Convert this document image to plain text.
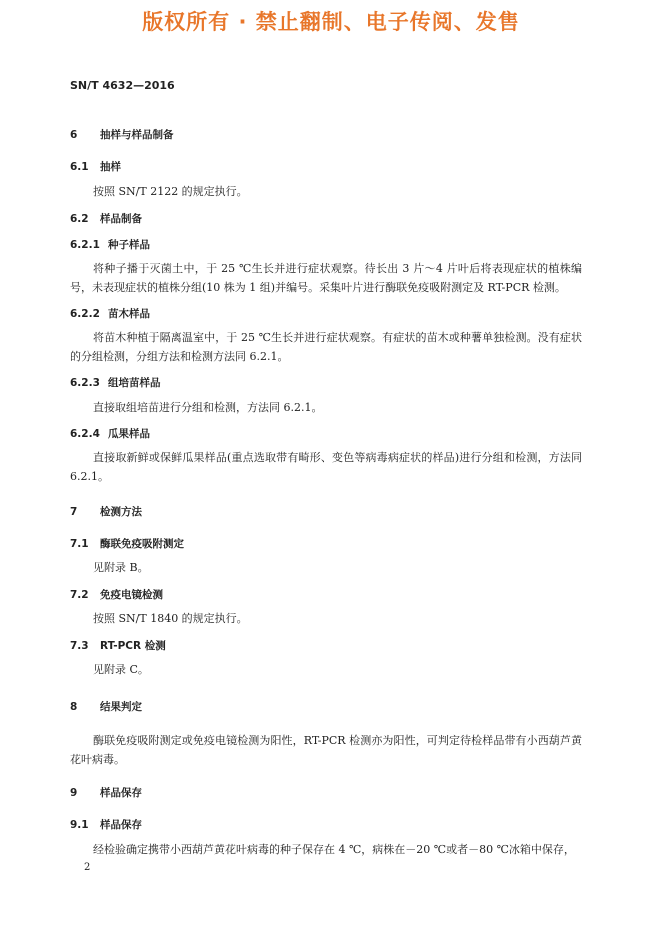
版权所有 · 禁止翻制、电子传阅、发售
SN/T 4632—2016
6 抽样与样品制备
6.1 抽样
按照 SN/T 2122 的规定执行。
6.2 样品制备
6.2.1 种子样品
将种子播于灭菌土中，于 25 ℃生长并进行症状观察。待长出 3 片～4 片叶后将表现症状的植株编号，未表现症状的植株分组(10 株为 1 组)并编号。采集叶片进行酶联免疫吸附测定及 RT-PCR 检测。
6.2.2 苗木样品
将苗木种植于隔离温室中，于 25 ℃生长并进行症状观察。有症状的苗木或种薯单独检测。没有症状的分组检测，分组方法和检测方法同 6.2.1。
6.2.3 组培苗样品
直接取组培苗进行分组和检测，方法同 6.2.1。
6.2.4 瓜果样品
直接取新鲜或保鲜瓜果样品(重点选取带有畸形、变色等病毒病症状的样品)进行分组和检测，方法同 6.2.1。
7 检测方法
7.1 酶联免疫吸附测定
见附录 B。
7.2 免疫电镜检测
按照 SN/T 1840 的规定执行。
7.3 RT-PCR 检测
见附录 C。
8 结果判定
酶联免疫吸附测定或免疫电镜检测为阳性，RT-PCR 检测亦为阳性，可判定待检样品带有小西葫芦黄花叶病毒。
9 样品保存
9.1 样品保存
经检验确定携带小西葫芦黄花叶病毒的种子保存在 4 ℃，病株在－20 ℃或者－80 ℃冰箱中保存，
2
